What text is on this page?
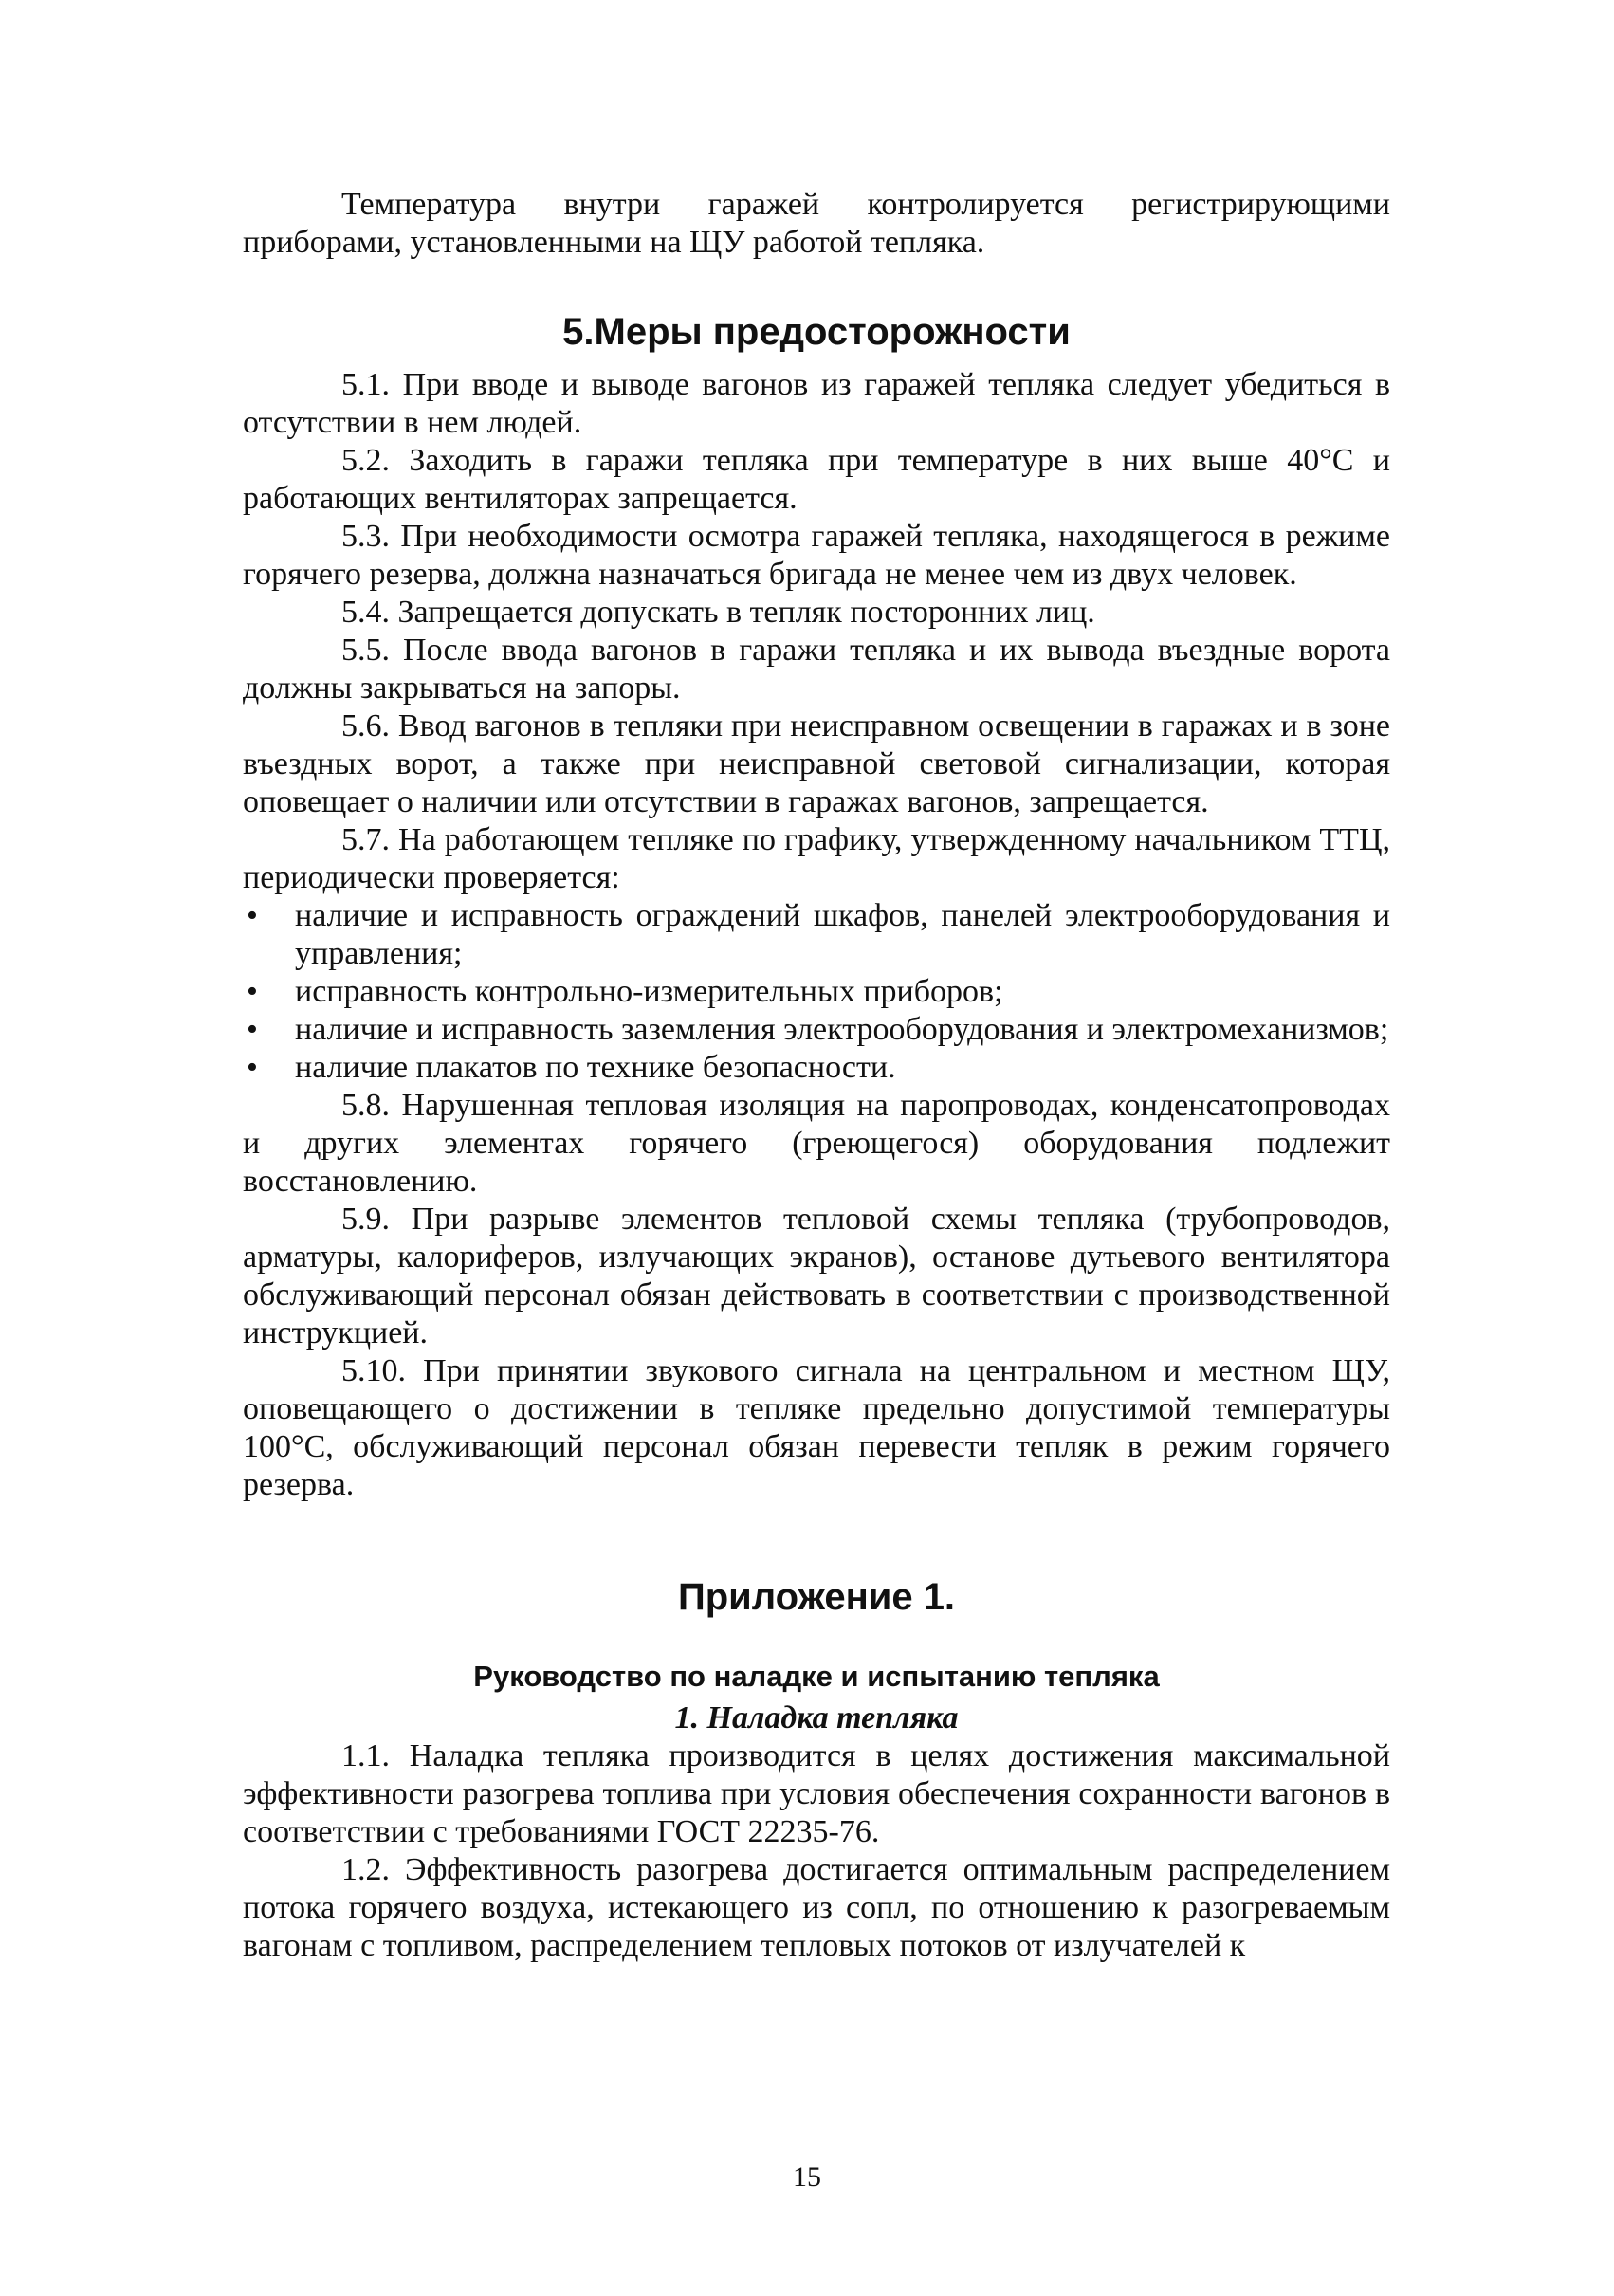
Температура внутри гаражей контролируется регистрирующими приборами, установленными на ЩУ работой тепляка.

5.Меры предосторожности

5.1. При вводе и выводе вагонов из гаражей тепляка следует убедиться в отсутствии в нем людей.

5.2. Заходить в гаражи тепляка при температуре в них выше 40°С и работающих вентиляторах запрещается.

5.3. При необходимости осмотра гаражей тепляка, находящегося в режиме горячего резерва, должна назначаться бригада не менее чем из двух человек.

5.4. Запрещается допускать в тепляк посторонних лиц.

5.5. После ввода вагонов в гаражи тепляка и их вывода въездные ворота должны закрываться на запоры.

5.6. Ввод вагонов в тепляки при неисправном освещении в гаражах и в зоне въездных ворот, а также при неисправной световой сигнализации, которая оповещает о наличии или отсутствии в гаражах вагонов, запрещается.

5.7. На работающем тепляке по графику, утвержденному начальником ТТЦ, периодически проверяется:

• наличие и исправность ограждений шкафов, панелей электрооборудования и управления;
• исправность контрольно-измерительных приборов;
• наличие и исправность заземления электрооборудования и электромеханизмов;
• наличие плакатов по технике безопасности.

5.8. Нарушенная тепловая изоляция на паропроводах, конденсатопроводах и других элементах горячего (греющегося) оборудования подлежит восстановлению.

5.9. При разрыве элементов тепловой схемы тепляка (трубопроводов, арматуры, калориферов, излучающих экранов), останове дутьевого вентилятора обслуживающий персонал обязан действовать в соответствии с производственной инструкцией.

5.10. При принятии звукового сигнала на центральном и местном ЩУ, оповещающего о достижении в тепляке предельно допустимой температуры 100°С, обслуживающий персонал обязан перевести тепляк в режим горячего резерва.

Приложение 1.

Руководство по наладке и испытанию тепляка

1. Наладка тепляка

1.1. Наладка тепляка производится в целях достижения максимальной эффективности разогрева топлива при условия обеспечения сохранности вагонов в соответствии с требованиями ГОСТ 22235-76.

1.2. Эффективность разогрева достигается оптимальным распределением потока горячего воздуха, истекающего из сопл, по отношению к разогреваемым вагонам с топливом, распределением тепловых потоков от излучателей к

15
